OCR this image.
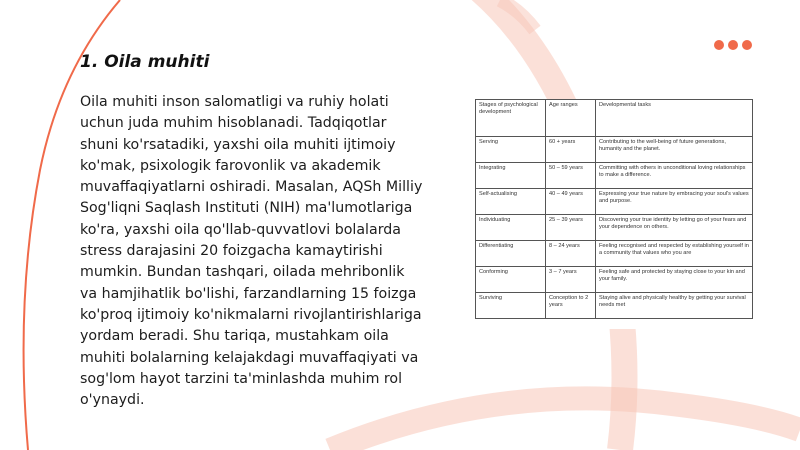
1. Oila muhiti

Oila muhiti inson salomatligi va ruhiy holati uchun juda muhim hisoblanadi. Tadqiqotlar shuni ko'rsatadiki, yaxshi oila muhiti ijtimoiy ko'mak, psixologik farovonlik va akademik muvaffaqiyatlarni oshiradi. Masalan, AQSh Milliy Sog'liqni Saqlash Instituti (NIH) ma'lumotlariga ko'ra, yaxshi oila qo'llab-quvvatlovi bolalarda stress darajasini 20 foizgacha kamaytirishi mumkin. Bundan tashqari, oilada mehribonlik va hamjihatlik bo'lishi, farzandlarning 15 foizga ko'proq ijtimoiy ko'nikmalarni rivojlantirishlariga yordam beradi. Shu tariqa, mustahkam oila muhiti bolalarning kelajakdagi muvaffaqiyati va sog'lom hayot tarzini ta'minlashda muhim rol o'ynaydi.

Stages of psychological development	Age ranges	Developmental tasks
Serving	60 + years	Contributing to the well-being of future generations, humanity and the planet.
Integrating	50 – 59 years	Committing with others in unconditional loving relationships to make a difference.
Self-actualising	40 – 49 years	Expressing your true nature by embracing your soul's values and purpose.
Individuating	25 – 39 years	Discovering your true identity by letting go of your fears and your dependence on others.
Differentiating	8 – 24 years	Feeling recognised and respected by establishing yourself in a community that values who you are
Conforming	3 – 7 years	Feeling safe and protected by staying close to your kin and your family.
Surviving	Conception to 2 years	Staying alive and physically healthy by getting your survival needs met
